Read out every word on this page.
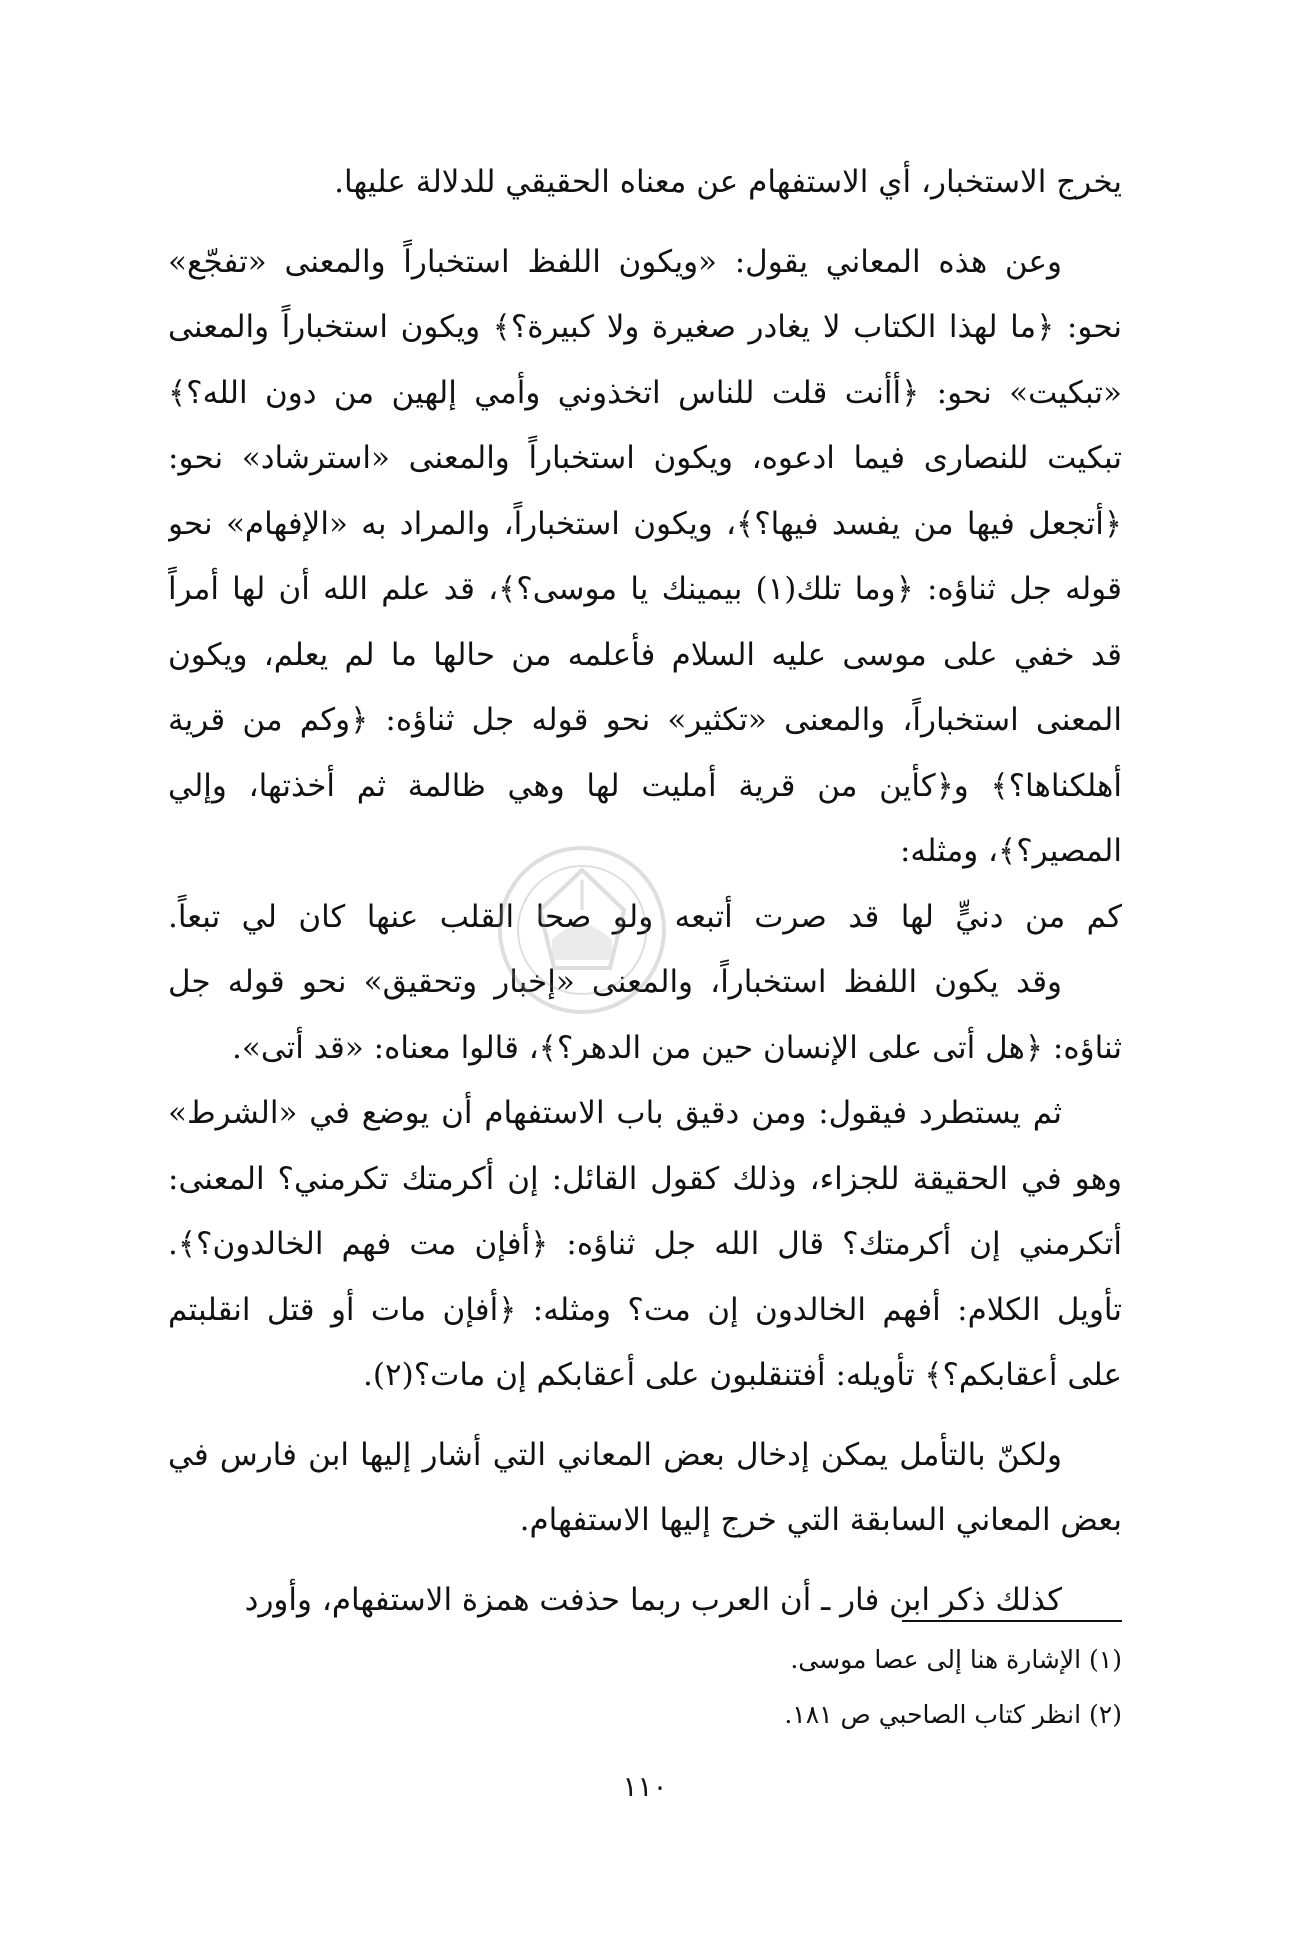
يخرج الاستخبار، أي الاستفهام عن معناه الحقيقي للدلالة عليها.
وعن هذه المعاني يقول: «ويكون اللفظ استخباراً والمعنى «تفجّع»
نحو: ﴿ما لهذا الكتاب لا يغادر صغيرة ولا كبيرة؟﴾ ويكون استخباراً والمعنى
«تبكيت» نحو: ﴿أأنت قلت للناس اتخذوني وأمي إلهين من دون الله؟﴾
تبكيت للنصارى فيما ادعوه، ويكون استخباراً والمعنى «استرشاد» نحو:
﴿أتجعل فيها من يفسد فيها؟﴾، ويكون استخباراً، والمراد به «الإفهام» نحو
قوله جل ثناؤه: ﴿وما تلك(١) بيمينك يا موسى؟﴾، قد علم الله أن لها أمراً
قد خفي على موسى عليه السلام فأعلمه من حالها ما لم يعلم، ويكون
المعنى استخباراً، والمعنى «تكثير» نحو قوله جل ثناؤه: ﴿وكم من قرية
أهلكناها؟﴾ و﴿كأين من قرية أمليت لها وهي ظالمة ثم أخذتها، وإلي
المصير؟﴾، ومثله:
كم من دنيٍّ لها قد صرت أتبعه ولو صحا القلب عنها كان لي تبعاً.
وقد يكون اللفظ استخباراً، والمعنى «إخبار وتحقيق» نحو قوله جل
ثناؤه: ﴿هل أتى على الإنسان حين من الدهر؟﴾، قالوا معناه: «قد أتى».
ثم يستطرد فيقول: ومن دقيق باب الاستفهام أن يوضع في «الشرط»
وهو في الحقيقة للجزاء، وذلك كقول القائل: إن أكرمتك تكرمني؟ المعنى:
أتكرمني إن أكرمتك؟ قال الله جل ثناؤه: ﴿أفإن مت فهم الخالدون؟﴾.
تأويل الكلام: أفهم الخالدون إن مت؟ ومثله: ﴿أفإن مات أو قتل انقلبتم
على أعقابكم؟﴾ تأويله: أفتنقلبون على أعقابكم إن مات؟(٢).
ولكنّ بالتأمل يمكن إدخال بعض المعاني التي أشار إليها ابن فارس في
بعض المعاني السابقة التي خرج إليها الاستفهام.
كذلك ذكر ابن فار ـ أن العرب ربما حذفت همزة الاستفهام، وأورد
(١) الإشارة هنا إلى عصا موسى.
(٢) انظر كتاب الصاحبي ص ١٨١.
١١٠
